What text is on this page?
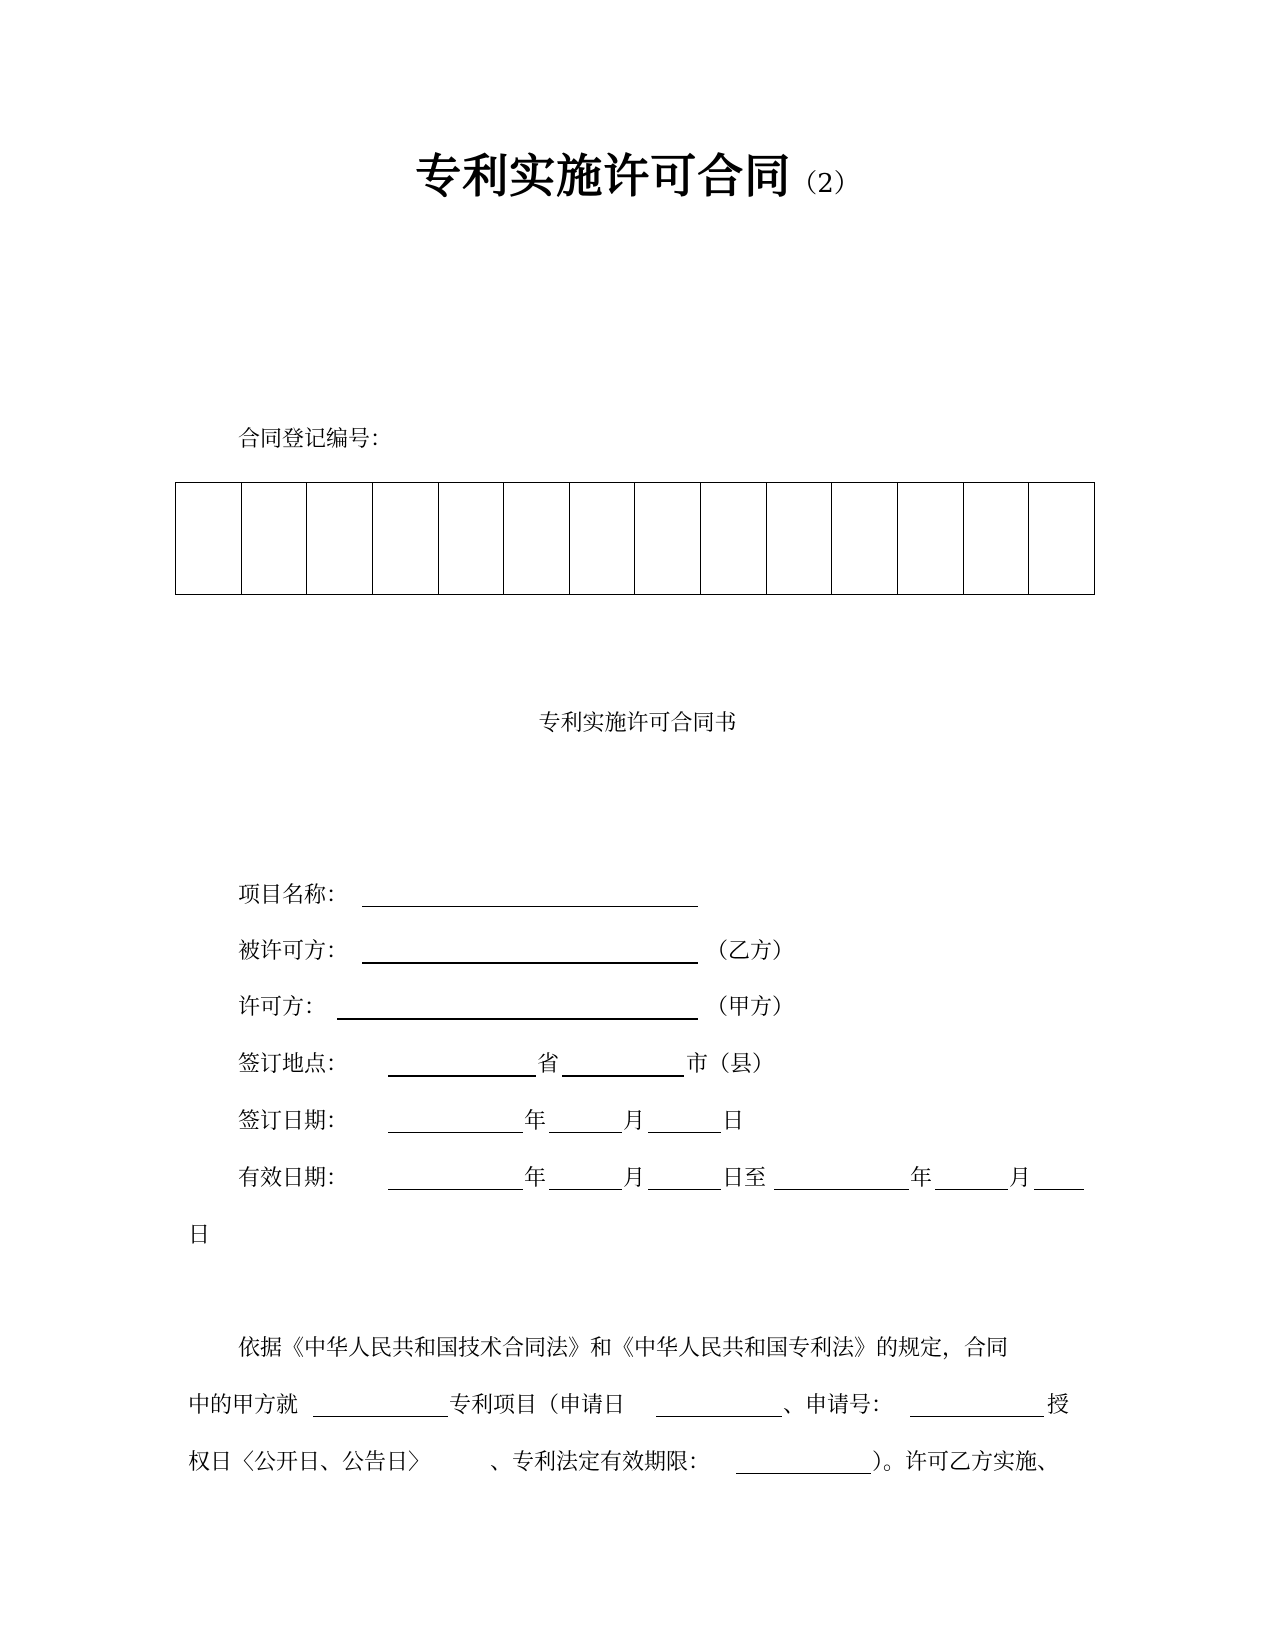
专利实施许可合同（2）
合同登记编号：

专利实施许可合同书
项目名称：
被许可方：	（乙方）
许可方：	（甲方）
签订地点：	省	市（县）
签订日期：	年	月	日
有效日期：	年	月	日至	年	月
日
依据《中华人民共和国技术合同法》和《中华人民共和国专利法》的规定，合同
中的甲方就	专利项目（申请日	、申请号：	授
权日〈公开日、公告日〉	、专利法定有效期限：	）。许可乙方实施、
